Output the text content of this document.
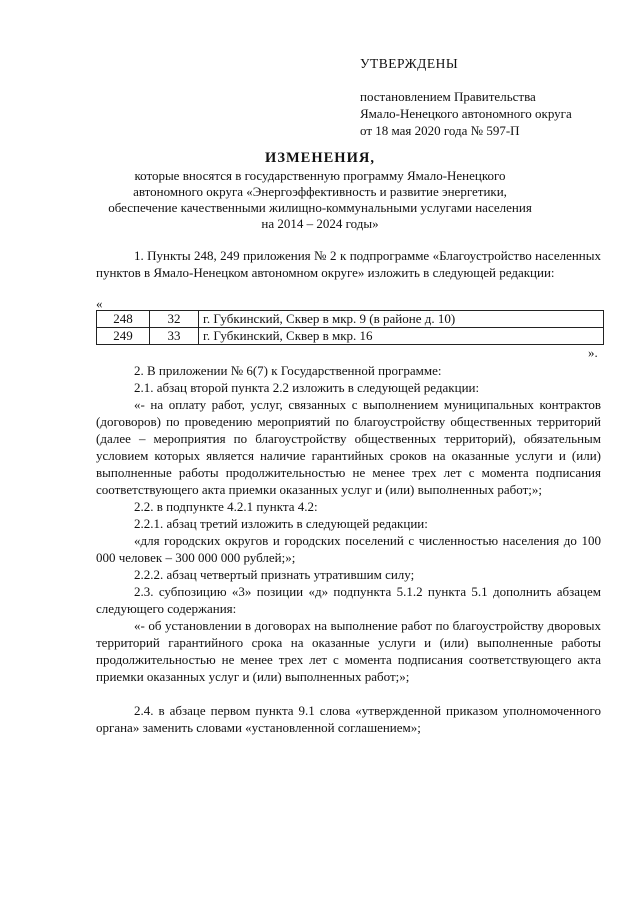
УТВЕРЖДЕНЫ
постановлением Правительства
Ямало-Ненецкого автономного округа
от 18 мая 2020 года № 597-П
ИЗМЕНЕНИЯ,
которые вносятся в государственную программу Ямало-Ненецкого
автономного округа «Энергоэффективность и развитие энергетики,
обеспечение качественными жилищно-коммунальными услугами населения
на 2014 – 2024 годы»
1. Пункты 248, 249 приложения № 2 к подпрограмме «Благоустройство населенных пунктов в Ямало-Ненецком автономном округе» изложить в следующей редакции:
«
248	32	г. Губкинский, Сквер в мкр. 9 (в районе д. 10)
249	33	г. Губкинский, Сквер в мкр. 16
».
2. В приложении № 6(7) к Государственной программе:
2.1. абзац второй пункта 2.2 изложить в следующей редакции:
«- на оплату работ, услуг, связанных с выполнением муниципальных контрактов (договоров) по проведению мероприятий по благоустройству общественных территорий (далее – мероприятия по благоустройству общественных территорий), обязательным условием которых является наличие гарантийных сроков на оказанные услуги и (или) выполненные работы продолжительностью не менее трех лет с момента подписания соответствующего акта приемки оказанных услуг и (или) выполненных работ;»;
2.2. в подпункте 4.2.1 пункта 4.2:
2.2.1. абзац третий изложить в следующей редакции:
«для городских округов и городских поселений с численностью населения до 100 000 человек – 300 000 000 рублей;»;
2.2.2. абзац четвертый признать утратившим силу;
2.3. субпозицию «3» позиции «д» подпункта 5.1.2 пункта 5.1 дополнить абзацем следующего содержания:
«- об установлении в договорах на выполнение работ по благоустройству дворовых территорий гарантийного срока на оказанные услуги и (или) выполненные работы продолжительностью не менее трех лет с момента подписания соответствующего акта приемки оказанных услуг и (или) выполненных работ;»;
2.4. в абзаце первом пункта 9.1 слова «утвержденной приказом уполномоченного органа» заменить словами «установленной соглашением»;
